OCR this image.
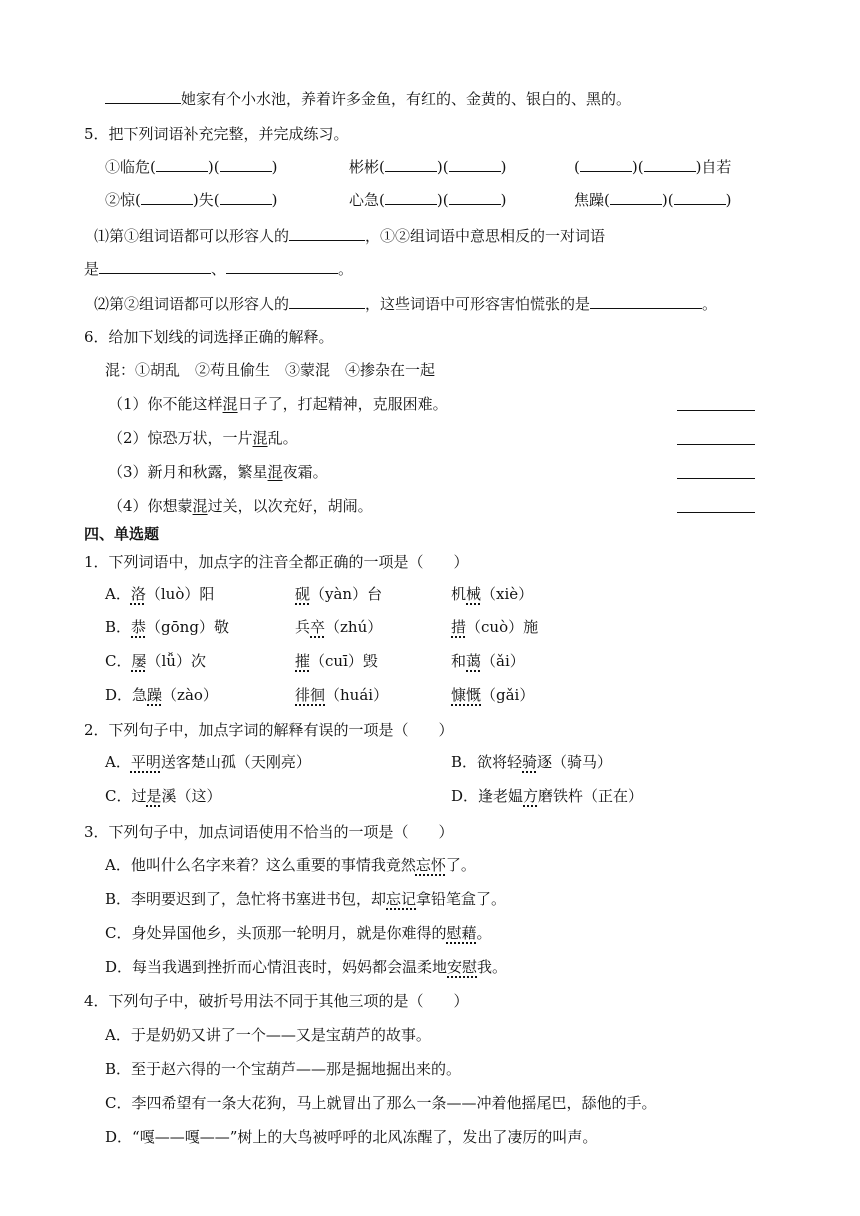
她家有个小水池，养着许多金鱼，有红的、金黄的、银白的、黑的。
5．把下列词语补充完整，并完成练习。
①临危(	)(	)	彬彬(	)(	)	(	)(	)自若
②惊(	)失(	)	心急(	)(	)	焦躁(	)(	)
⑴第①组词语都可以形容人的	，①②组词语中意思相反的一对词语
是	、	。
⑵第②组词语都可以形容人的	，这些词语中可形容害怕慌张的是	。
6．给加下划线的词选择正确的解释。
混：①胡乱　②苟且偷生　③蒙混　④掺杂在一起
（1）你不能这样混日子了，打起精神，克服困难。
（2）惊恐万状，一片混乱。
（3）新月和秋露，繁星混夜霜。
（4）你想蒙混过关，以次充好，胡闹。
四、单选题
1．下列词语中，加点字的注音全都正确的一项是（　　）
A．洛（luò）阳	砚（yàn）台	机械（xiè）
B．恭（gōng）敬	兵卒（zhú）	措（cuò）施
C．屡（lǚ）次	摧（cuī）毁	和蔼（ǎi）
D．急躁（zào）	徘徊（huái）	慷慨（gǎi）
2．下列句子中，加点字词的解释有误的一项是（　　）
A．平明送客楚山孤（天刚亮）	B．欲将轻骑逐（骑马）
C．过是溪（这）	D．逢老媪方磨铁杵（正在）
3．下列句子中，加点词语使用不恰当的一项是（　　）
A．他叫什么名字来着？这么重要的事情我竟然忘怀了。
B．李明要迟到了，急忙将书塞进书包，却忘记拿铅笔盒了。
C．身处异国他乡，头顶那一轮明月，就是你难得的慰藉。
D．每当我遇到挫折而心情沮丧时，妈妈都会温柔地安慰我。
4．下列句子中，破折号用法不同于其他三项的是（　　）
A．于是奶奶又讲了一个——又是宝葫芦的故事。
B．至于赵六得的一个宝葫芦——那是掘地掘出来的。
C．李四希望有一条大花狗，马上就冒出了那么一条——冲着他摇尾巴，舔他的手。
D．“嘎——嘎——”树上的大鸟被呼呼的北风冻醒了，发出了凄厉的叫声。
